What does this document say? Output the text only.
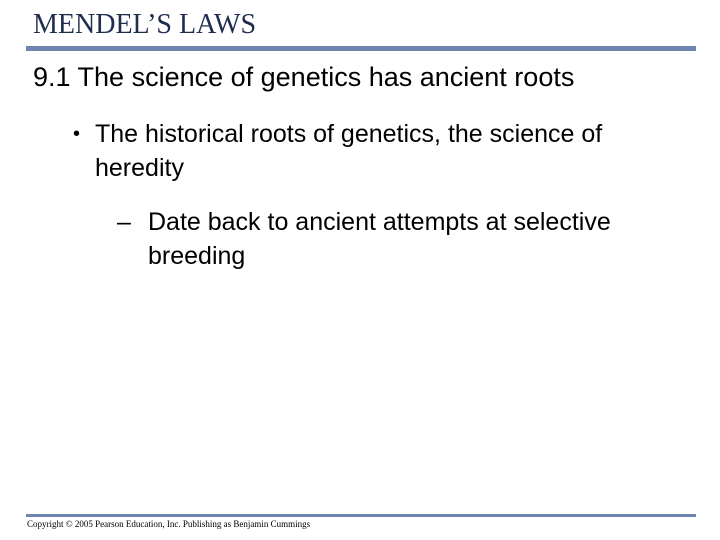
MENDEL’S LAWS
9.1 The science of genetics has ancient roots
• The historical roots of genetics, the science of heredity
– Date back to ancient attempts at selective breeding
Copyright © 2005 Pearson Education, Inc. Publishing as Benjamin Cummings
